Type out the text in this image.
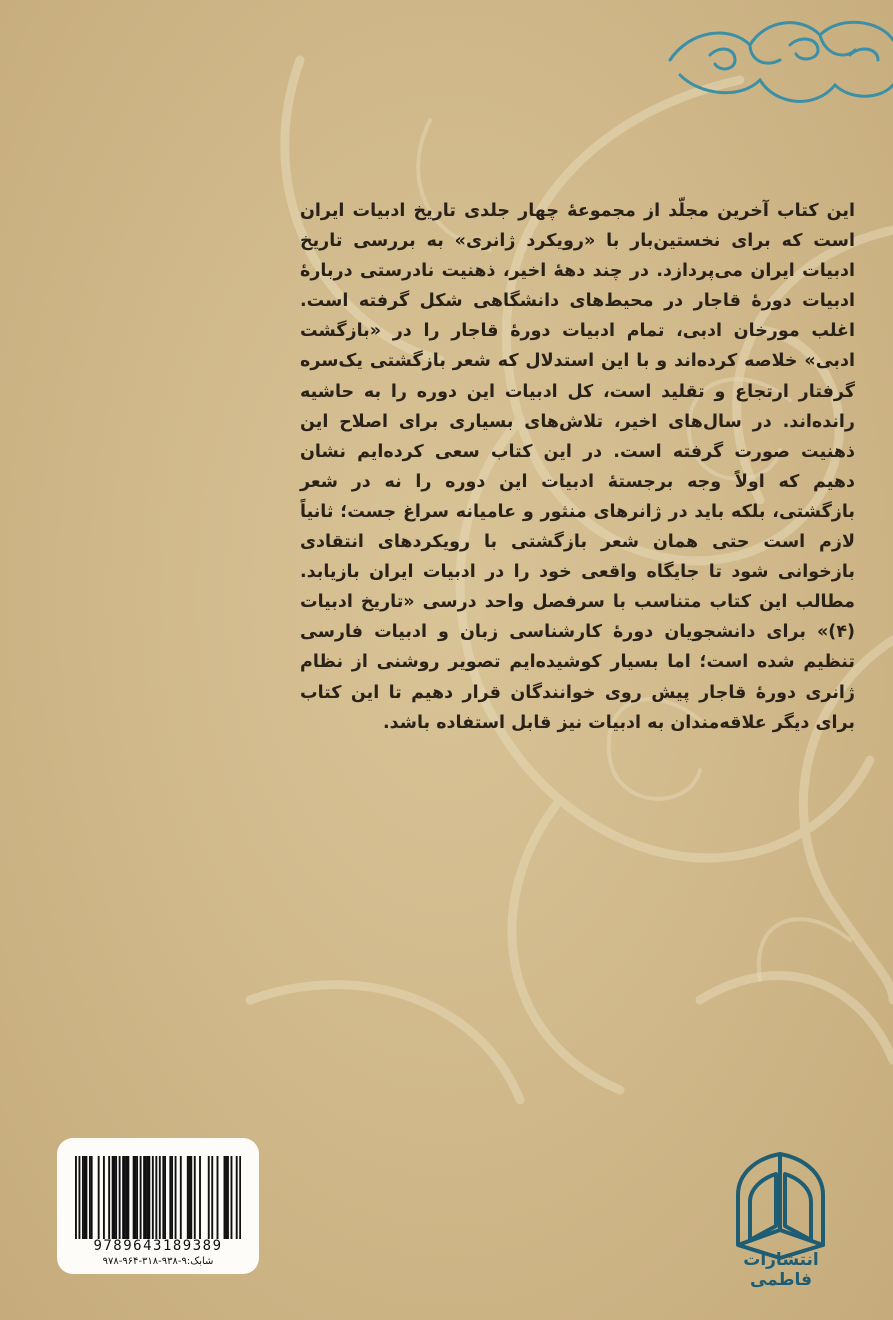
این کتاب آخرین مجلّد از مجموعهٔ چهار جلدی تاریخ ادبیات ایران است که برای نخستین‌بار با «رویکرد ژانری» به بررسی تاریخ ادبیات ایران می‌پردازد. در چند دههٔ اخیر، ذهنیت نادرستی دربارهٔ ادبیات دورهٔ قاجار در محیط‌های دانشگاهی شکل گرفته است. اغلب مورخان ادبی، تمام ادبیات دورهٔ قاجار را در «بازگشت ادبی» خلاصه کرده‌اند و با این استدلال که شعر بازگشتی یک‌سره گرفتار ارتجاع و تقلید است، کل ادبیات این دوره را به حاشیه رانده‌اند. در سال‌های اخیر، تلاش‌های بسیاری برای اصلاح این ذهنیت صورت گرفته است. در این کتاب سعی کرده‌ایم نشان دهیم که اولاً وجه برجستهٔ ادبیات این دوره را نه در شعر بازگشتی، بلکه باید در ژانرهای منثور و عامیانه سراغ جست؛ ثانیاً لازم است حتی همان شعر بازگشتی با رویکردهای انتقادی بازخوانی شود تا جایگاه واقعی خود را در ادبیات ایران بازیابد. مطالب این کتاب متناسب با سرفصل واحد درسی «تاریخ ادبیات (۴)» برای دانشجویان دورهٔ کارشناسی زبان و ادبیات فارسی تنظیم شده است؛ اما بسیار کوشیده‌ایم تصویر روشنی از نظام ژانری دورهٔ قاجار پیش روی خوانندگان قرار دهیم تا این کتاب برای دیگر علاقه‌مندان به ادبیات نیز قابل استفاده باشد.

9789643189389
شابک:۹-۹۳۸-۳۱۸-۹۶۴-۹۷۸	انتشارات فاطمی
